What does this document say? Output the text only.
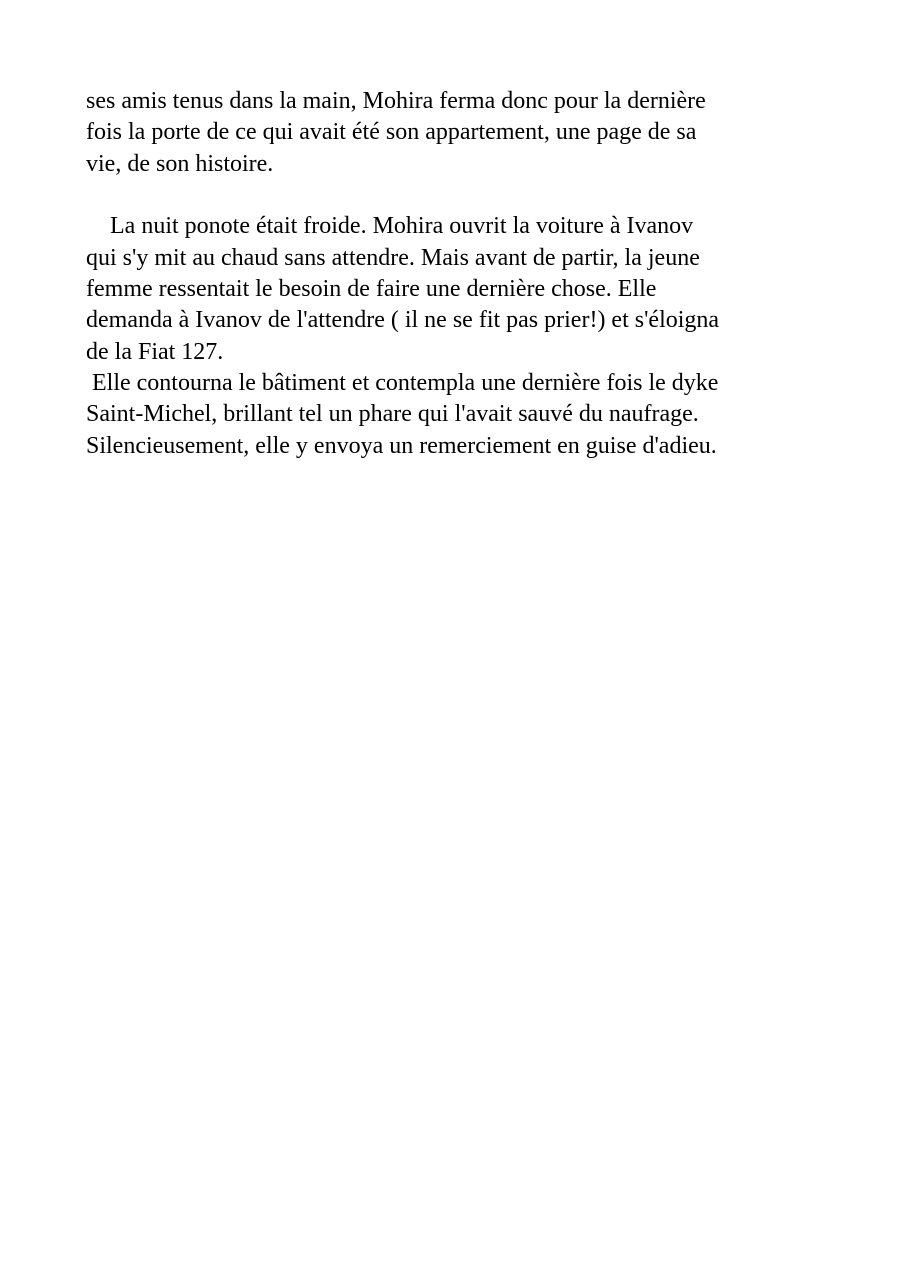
ses amis tenus dans la main, Mohira ferma donc pour la dernière
fois la porte de ce qui avait été son appartement, une page de sa
vie, de son histoire.
La nuit ponote était froide. Mohira ouvrit la voiture à Ivanov
qui s'y mit au chaud sans attendre. Mais avant de partir, la jeune
femme ressentait le besoin de faire une dernière chose. Elle
demanda à Ivanov de l'attendre ( il ne se fit pas prier!) et s'éloigna
de la Fiat 127.
Elle contourna le bâtiment et contempla une dernière fois le dyke
Saint-Michel, brillant tel un phare qui l'avait sauvé du naufrage.
Silencieusement, elle y envoya un remerciement en guise d'adieu.
